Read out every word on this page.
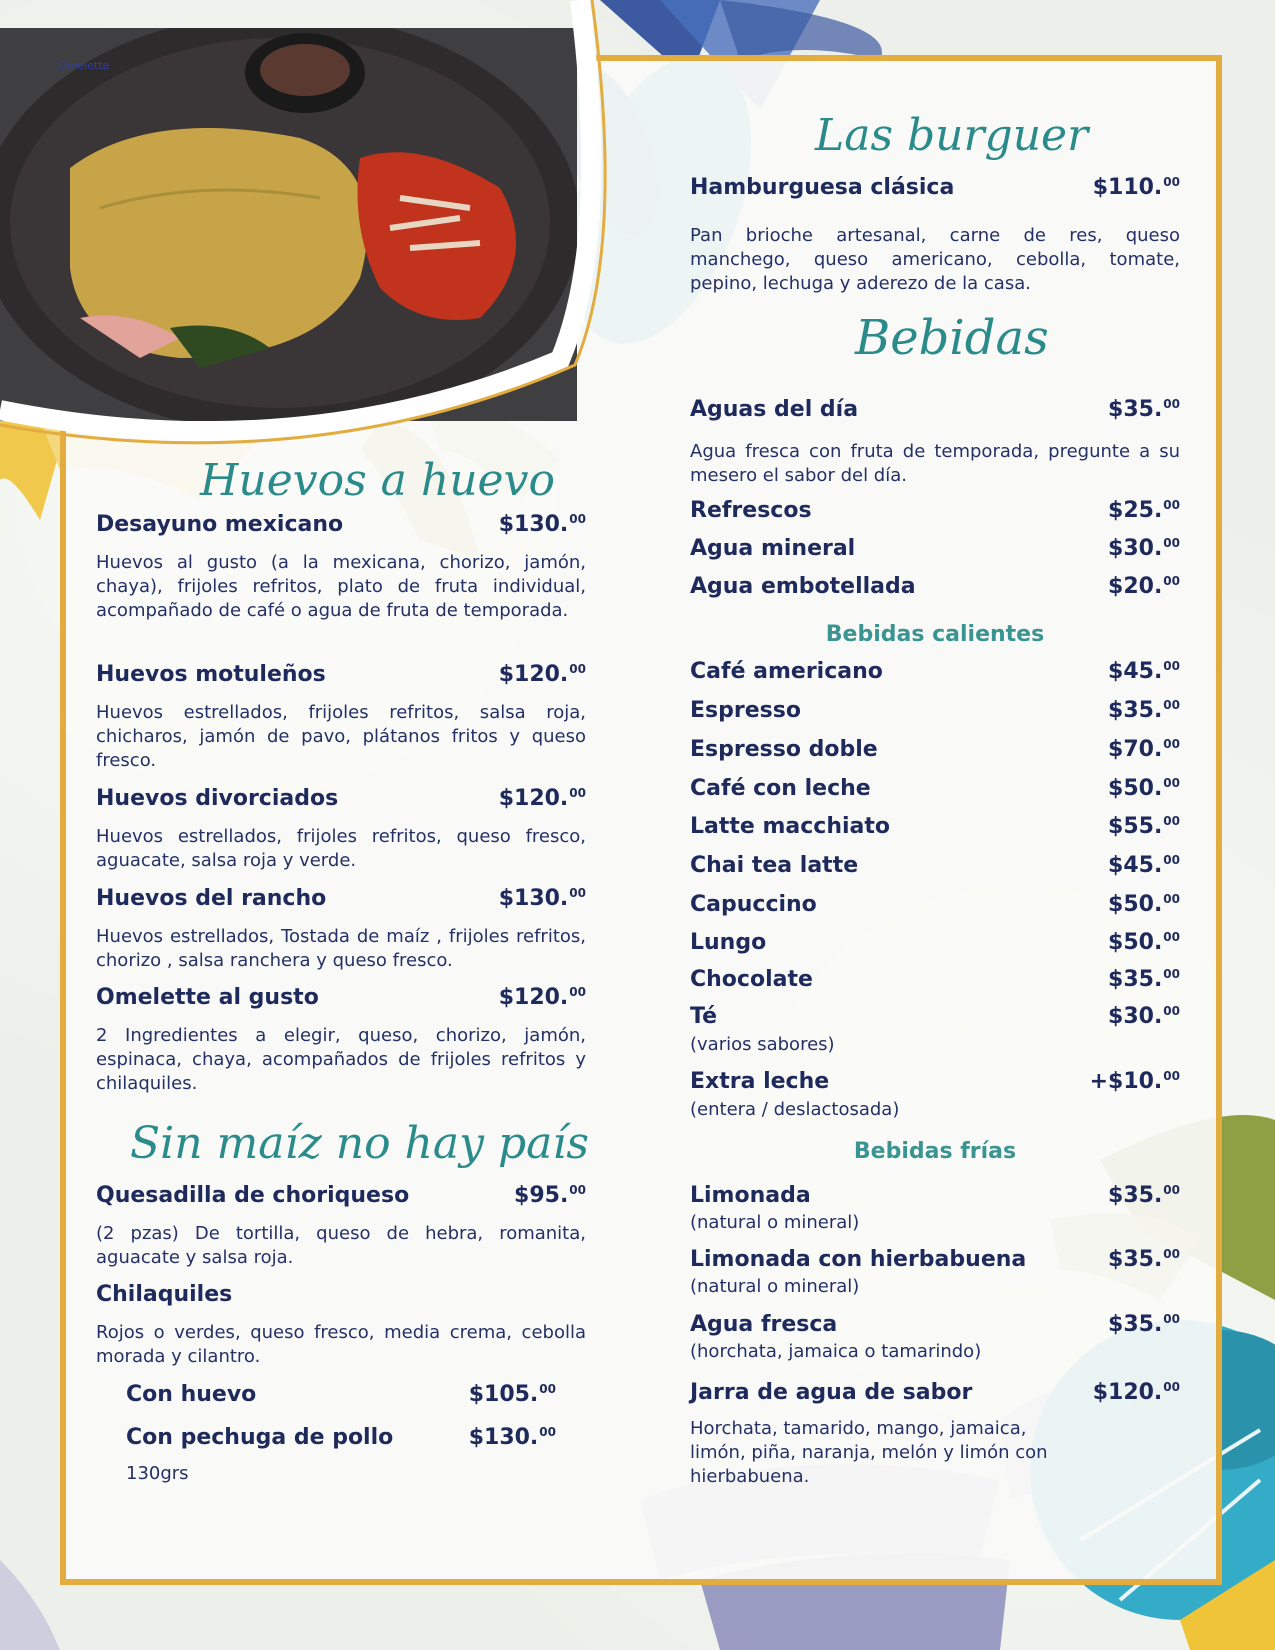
Omelette
Huevos a huevo
Desayuno mexicano	$130.00
Huevos al gusto (a la mexicana, chorizo, jamón, chaya), frijoles refritos, plato de fruta individual, acompañado de café o agua de fruta de temporada.
Huevos motuleños	$120.00
Huevos estrellados, frijoles refritos, salsa roja, chicharos, jamón de pavo, plátanos fritos y queso fresco.
Huevos divorciados	$120.00
Huevos estrellados, frijoles refritos, queso fresco, aguacate, salsa roja y verde.
Huevos del rancho	$130.00
Huevos estrellados, Tostada de maíz , frijoles refritos, chorizo , salsa ranchera y queso fresco.
Omelette al gusto	$120.00
2 Ingredientes a elegir, queso, chorizo, jamón, espinaca, chaya, acompañados de frijoles refritos y chilaquiles.
Sin maíz no hay país
Quesadilla de choriqueso	$95.00
(2 pzas) De tortilla, queso de hebra, romanita, aguacate y salsa roja.
Chilaquiles
Rojos o verdes, queso fresco, media crema, cebolla morada y cilantro.
Con huevo	$105.00
Con pechuga de pollo	$130.00
130grs
Las burguer
Hamburguesa clásica	$110.00
Pan brioche artesanal, carne de res, queso manchego, queso americano, cebolla, tomate, pepino, lechuga y aderezo de la casa.
Bebidas
Aguas del día	$35.00
Agua fresca con fruta de temporada, pregunte a su mesero el sabor del día.
Refrescos	$25.00
Agua mineral	$30.00
Agua embotellada	$20.00
Bebidas calientes
Café americano	$45.00
Espresso	$35.00
Espresso doble	$70.00
Café con leche	$50.00
Latte macchiato	$55.00
Chai tea latte	$45.00
Capuccino	$50.00
Lungo	$50.00
Chocolate	$35.00
Té	$30.00
(varios sabores)
Extra leche	+$10.00
(entera / deslactosada)
Bebidas frías
Limonada	$35.00
(natural o mineral)
Limonada con hierbabuena	$35.00
(natural o mineral)
Agua fresca	$35.00
(horchata, jamaica o tamarindo)
Jarra de agua de sabor	$120.00
Horchata, tamarido, mango, jamaica, limón, piña, naranja, melón y limón con hierbabuena.
